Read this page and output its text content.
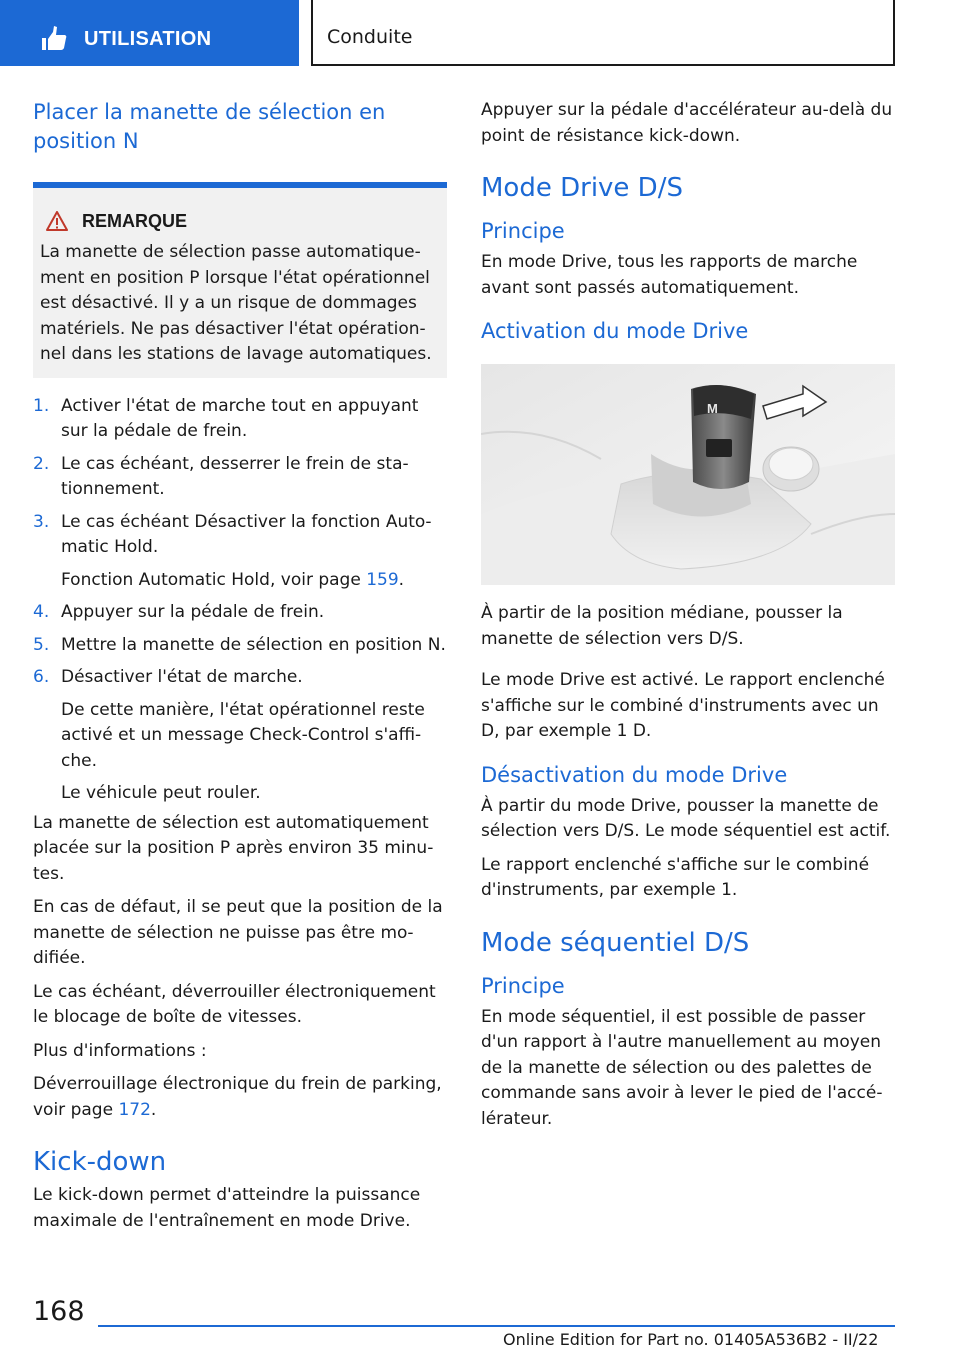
UTILISATION	Conduite
Placer la manette de sélection en position N
REMARQUE
La manette de sélection passe automatiquement en position P lorsque l'état opérationnel est désactivé. Il y a un risque de dommages matériels. Ne pas désactiver l'état opérationnel dans les stations de lavage automatiques.
1. Activer l'état de marche tout en appuyant sur la pédale de frein.
2. Le cas échéant, desserrer le frein de stationnement.
3. Le cas échéant Désactiver la fonction Automatic Hold.
Fonction Automatic Hold, voir page 159.
4. Appuyer sur la pédale de frein.
5. Mettre la manette de sélection en position N.
6. Désactiver l'état de marche.
De cette manière, l'état opérationnel reste activé et un message Check-Control s'affiche.
Le véhicule peut rouler.
La manette de sélection est automatiquement placée sur la position P après environ 35 minutes.
En cas de défaut, il se peut que la position de la manette de sélection ne puisse pas être modifiée.
Le cas échéant, déverrouiller électroniquement le blocage de boîte de vitesses.
Plus d'informations :
Déverrouillage électronique du frein de parking, voir page 172.
Kick-down
Le kick-down permet d'atteindre la puissance maximale de l'entraînement en mode Drive.
Appuyer sur la pédale d'accélérateur au-delà du point de résistance kick-down.
Mode Drive D/S
Principe
En mode Drive, tous les rapports de marche avant sont passés automatiquement.
Activation du mode Drive
M
À partir de la position médiane, pousser la manette de sélection vers D/S.
Le mode Drive est activé. Le rapport enclenché s'affiche sur le combiné d'instruments avec un D, par exemple 1 D.
Désactivation du mode Drive
À partir du mode Drive, pousser la manette de sélection vers D/S. Le mode séquentiel est actif.
Le rapport enclenché s'affiche sur le combiné d'instruments, par exemple 1.
Mode séquentiel D/S
Principe
En mode séquentiel, il est possible de passer d'un rapport à l'autre manuellement au moyen de la manette de sélection ou des palettes de commande sans avoir à lever le pied de l'accélérateur.
168
Online Edition for Part no. 01405A536B2 - II/22
